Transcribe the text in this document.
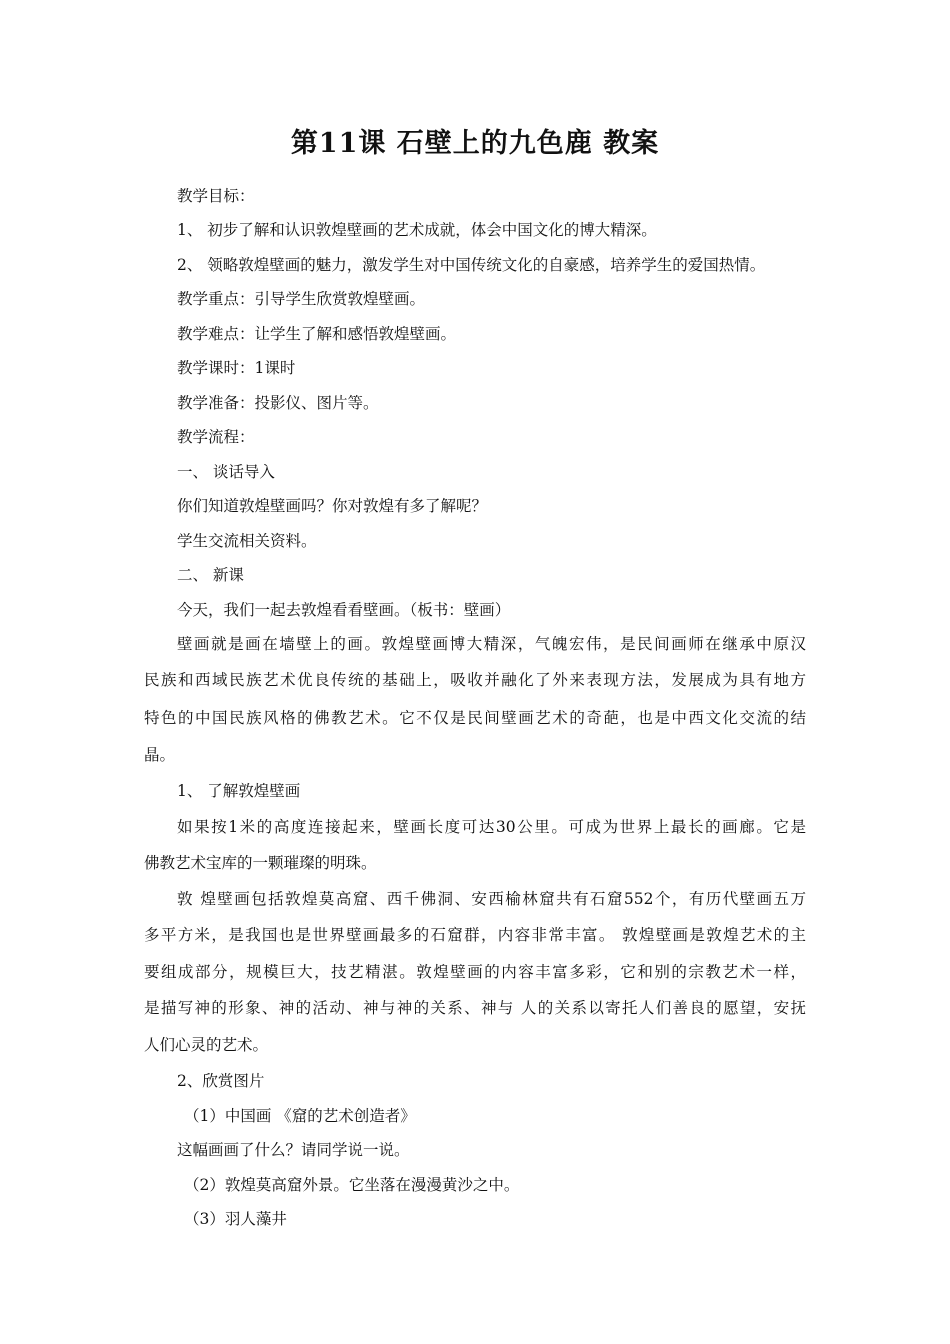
第11课 石壁上的九色鹿 教案
教学目标：
1、 初步了解和认识敦煌壁画的艺术成就，体会中国文化的博大精深。
2、 领略敦煌壁画的魅力，激发学生对中国传统文化的自豪感，培养学生的爱国热情。
教学重点：引导学生欣赏敦煌壁画。
教学难点：让学生了解和感悟敦煌壁画。
教学课时：1课时
教学准备：投影仪、图片等。
教学流程：
一、 谈话导入
你们知道敦煌壁画吗？你对敦煌有多了解呢？
学生交流相关资料。
二、 新课
今天，我们一起去敦煌看看壁画。（板书：壁画）
壁画就是画在墙壁上的画。敦煌壁画博大精深，气魄宏伟，是民间画师在继承中原汉
民族和西域民族艺术优良传统的基础上，吸收并融化了外来表现方法，发展成为具有地方
特色的中国民族风格的佛教艺术。它不仅是民间壁画艺术的奇葩，也是中西文化交流的结
晶。
1、 了解敦煌壁画
如果按1米的高度连接起来，壁画长度可达30公里。可成为世界上最长的画廊。它是
佛教艺术宝库的一颗璀璨的明珠。
敦 煌壁画包括敦煌莫高窟、西千佛洞、安西榆林窟共有石窟552个，有历代壁画五万
多平方米，是我国也是世界壁画最多的石窟群，内容非常丰富。 敦煌壁画是敦煌艺术的主
要组成部分，规模巨大，技艺精湛。敦煌壁画的内容丰富多彩，它和别的宗教艺术一样，
是描写神的形象、神的活动、神与神的关系、神与 人的关系以寄托人们善良的愿望，安抚
人们心灵的艺术。
2、欣赏图片
（1）中国画 《窟的艺术创造者》
这幅画画了什么？请同学说一说。
（2）敦煌莫高窟外景。它坐落在漫漫黄沙之中。
（3）羽人藻井
